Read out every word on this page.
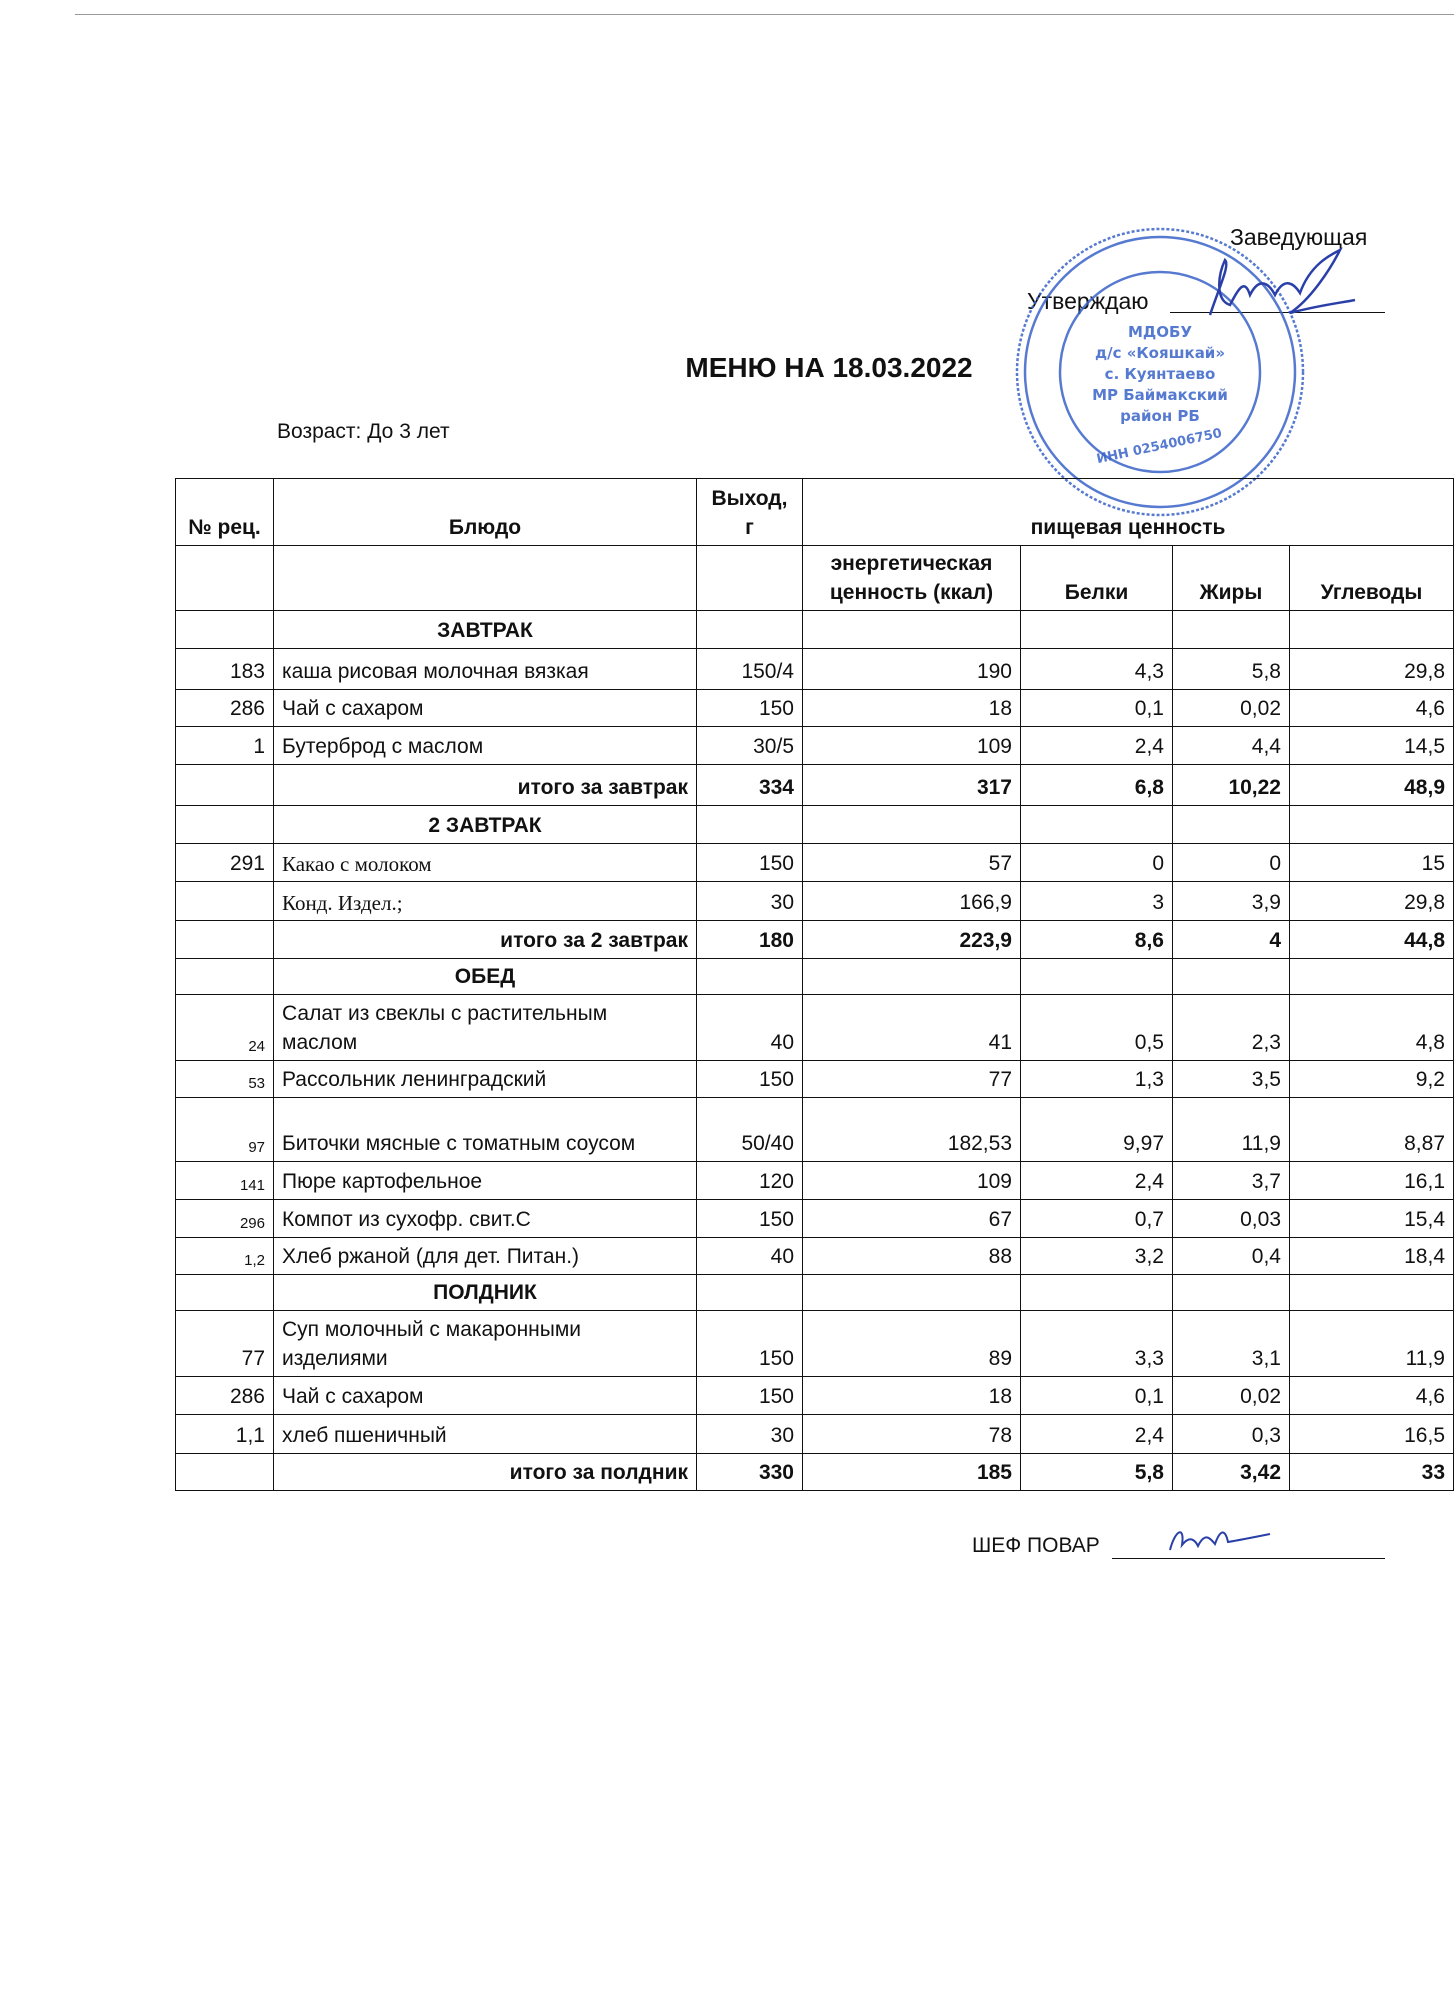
Заведующая
Утверждаю
МДОБУ
д/с «Кояшкай»
с. Куянтаево
МР Баймакский
район РБ
ИНН 0254006750
МЕНЮ НА 18.03.2022
Возраст: До 3 лет
№ рец.	Блюдо	Выход, г	пищевая ценность			
			энергетическая ценность (ккал)	Белки	Жиры	Углеводы
	ЗАВТРАК					
183	каша рисовая молочная вязкая	150/4	190	4,3	5,8	29,8
286	Чай с сахаром	150	18	0,1	0,02	4,6
1	Бутерброд с маслом	30/5	109	2,4	4,4	14,5
	итого за завтрак	334	317	6,8	10,22	48,9
	2 ЗАВТРАК					
291	Какао с молоком	150	57	0	0	15
	Конд. Издел.;	30	166,9	3	3,9	29,8
	итого за 2 завтрак	180	223,9	8,6	4	44,8
	ОБЕД					
24	Салат из свеклы с растительным маслом	40	41	0,5	2,3	4,8
53	Рассольник ленинградский	150	77	1,3	3,5	9,2
97	Биточки мясные с томатным соусом	50/40	182,53	9,97	11,9	8,87
141	Пюре картофельное	120	109	2,4	3,7	16,1
296	Компот из сухофр. свит.С	150	67	0,7	0,03	15,4
1,2	Хлеб ржаной (для дет. Питан.)	40	88	3,2	0,4	18,4
	ПОЛДНИК					
77	Суп молочный с макаронными изделиями	150	89	3,3	3,1	11,9
286	Чай с сахаром	150	18	0,1	0,02	4,6
1,1	хлеб пшеничный	30	78	2,4	0,3	16,5
	итого за полдник	330	185	5,8	3,42	33
ШЕФ ПОВАР
